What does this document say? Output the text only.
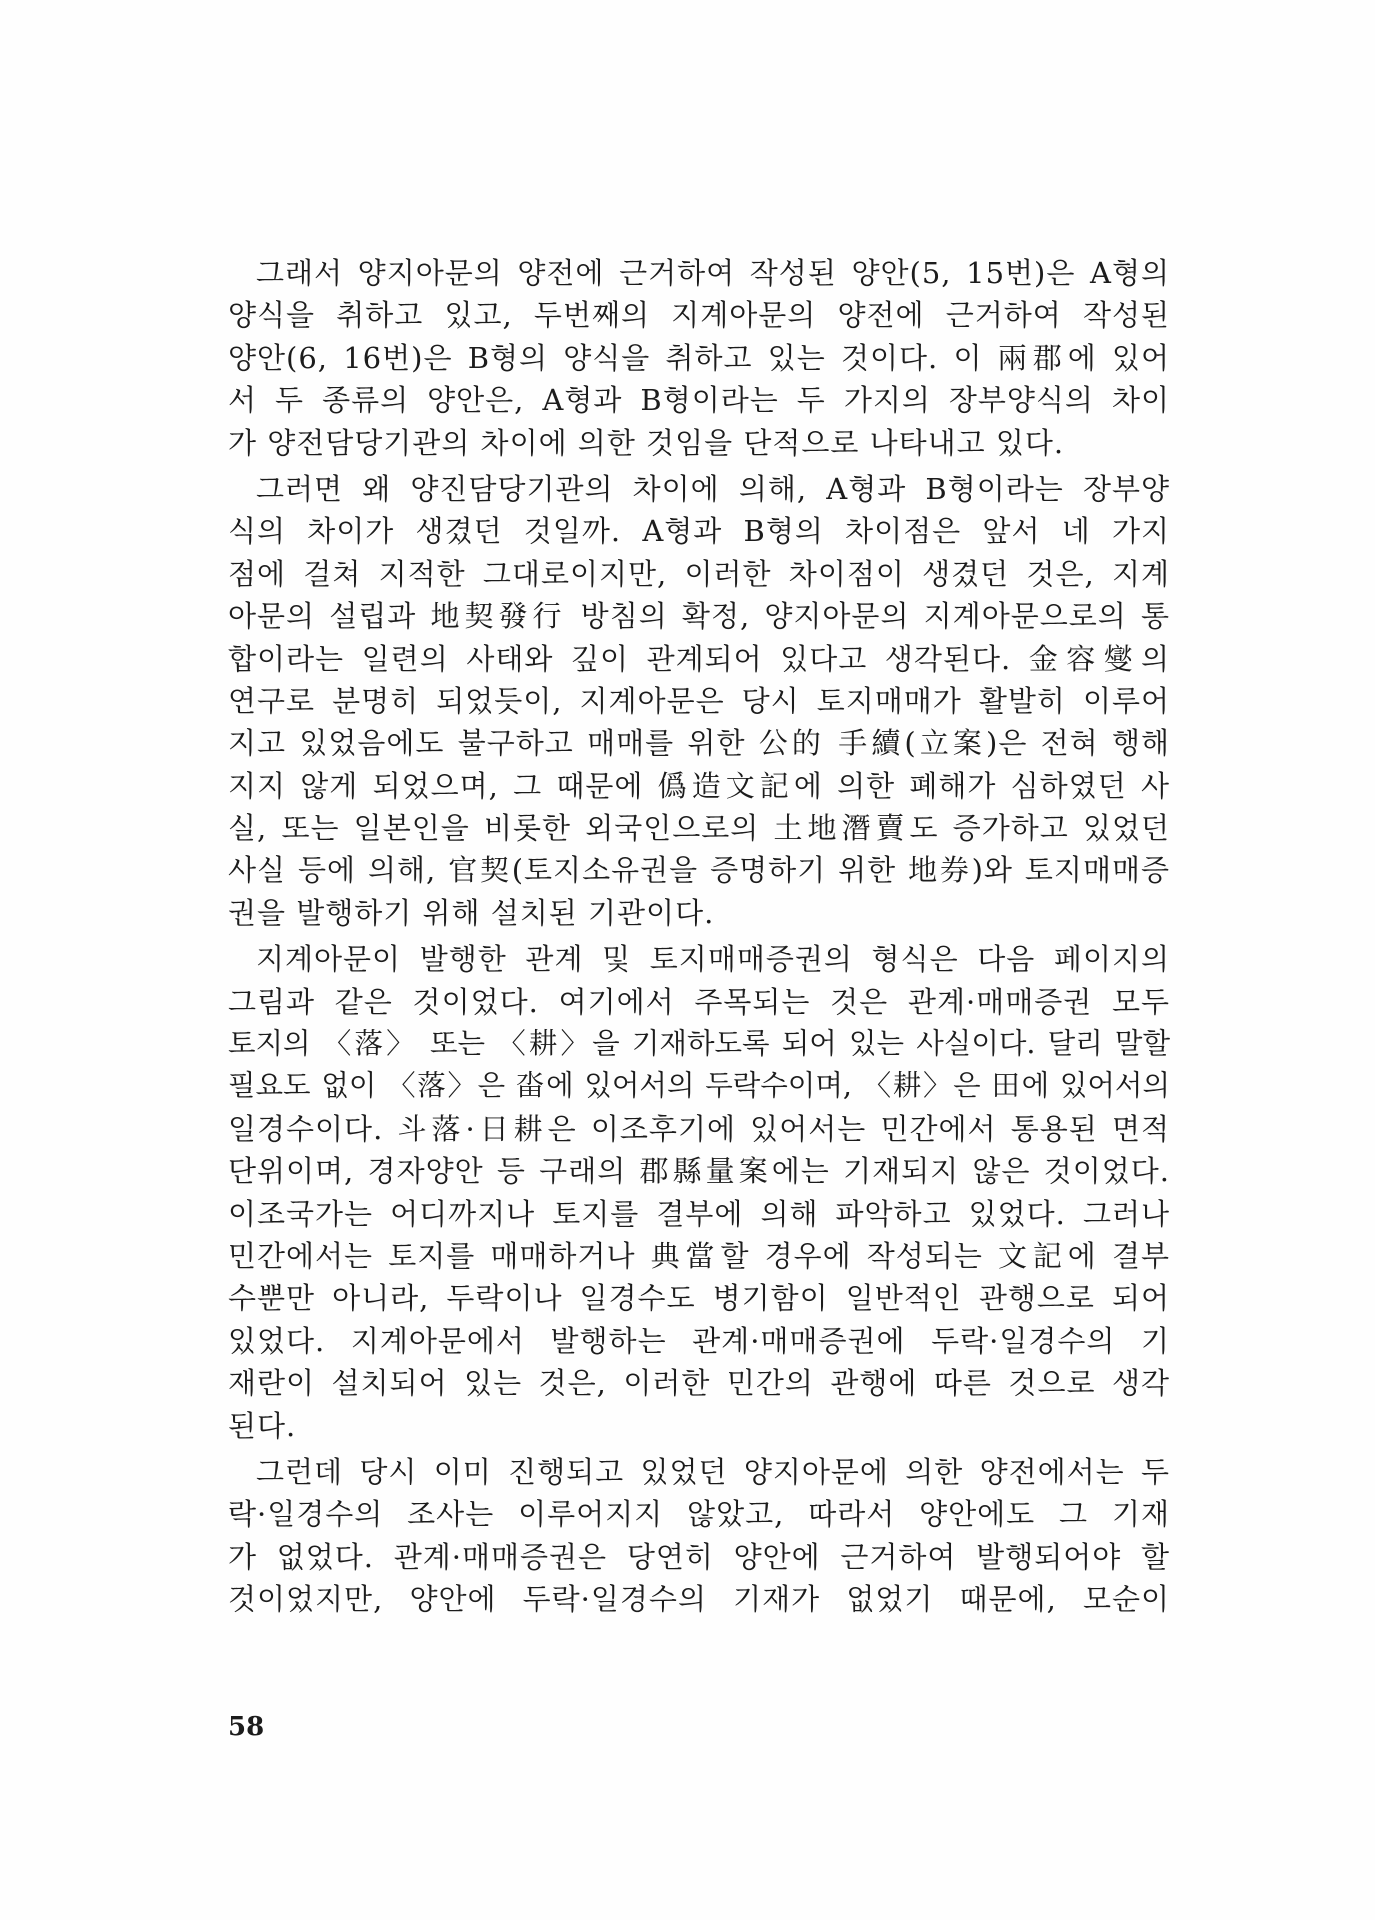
그래서 양지아문의 양전에 근거하여 작성된 양안(5, 15번)은 A형의
양식을 취하고 있고, 두번째의 지계아문의 양전에 근거하여 작성된
양안(6, 16번)은 B형의 양식을 취하고 있는 것이다. 이 兩郡에 있어
서 두 종류의 양안은, A형과 B형이라는 두 가지의 장부양식의 차이
가 양전담당기관의 차이에 의한 것임을 단적으로 나타내고 있다.
그러면 왜 양진담당기관의 차이에 의해, A형과 B형이라는 장부양
식의 차이가 생겼던 것일까. A형과 B형의 차이점은 앞서 네 가지
점에 걸쳐 지적한 그대로이지만, 이러한 차이점이 생겼던 것은, 지계
아문의 설립과 地契發行 방침의 확정, 양지아문의 지계아문으로의 통
합이라는 일련의 사태와 깊이 관계되어 있다고 생각된다. 金容燮의
연구로 분명히 되었듯이, 지계아문은 당시 토지매매가 활발히 이루어
지고 있었음에도 불구하고 매매를 위한 公的 手續(立案)은 전혀 행해
지지 않게 되었으며, 그 때문에 僞造文記에 의한 폐해가 심하였던 사
실, 또는 일본인을 비롯한 외국인으로의 土地潛賣도 증가하고 있었던
사실 등에 의해, 官契(토지소유권을 증명하기 위한 地券)와 토지매매증
권을 발행하기 위해 설치된 기관이다.
지계아문이 발행한 관계 및 토지매매증권의 형식은 다음 페이지의
그림과 같은 것이었다. 여기에서 주목되는 것은 관계·매매증권 모두
토지의 〈落〉 또는 〈耕〉을 기재하도록 되어 있는 사실이다. 달리 말할
필요도 없이 〈落〉은 畓에 있어서의 두락수이며, 〈耕〉은 田에 있어서의
일경수이다. 斗落·日耕은 이조후기에 있어서는 민간에서 통용된 면적
단위이며, 경자양안 등 구래의 郡縣量案에는 기재되지 않은 것이었다.
이조국가는 어디까지나 토지를 결부에 의해 파악하고 있었다. 그러나
민간에서는 토지를 매매하거나 典當할 경우에 작성되는 文記에 결부
수뿐만 아니라, 두락이나 일경수도 병기함이 일반적인 관행으로 되어
있었다. 지계아문에서 발행하는 관계·매매증권에 두락·일경수의 기
재란이 설치되어 있는 것은, 이러한 민간의 관행에 따른 것으로 생각
된다.
그런데 당시 이미 진행되고 있었던 양지아문에 의한 양전에서는 두
락·일경수의 조사는 이루어지지 않았고, 따라서 양안에도 그 기재
가 없었다. 관계·매매증권은 당연히 양안에 근거하여 발행되어야 할
것이었지만, 양안에 두락·일경수의 기재가 없었기 때문에, 모순이
58
